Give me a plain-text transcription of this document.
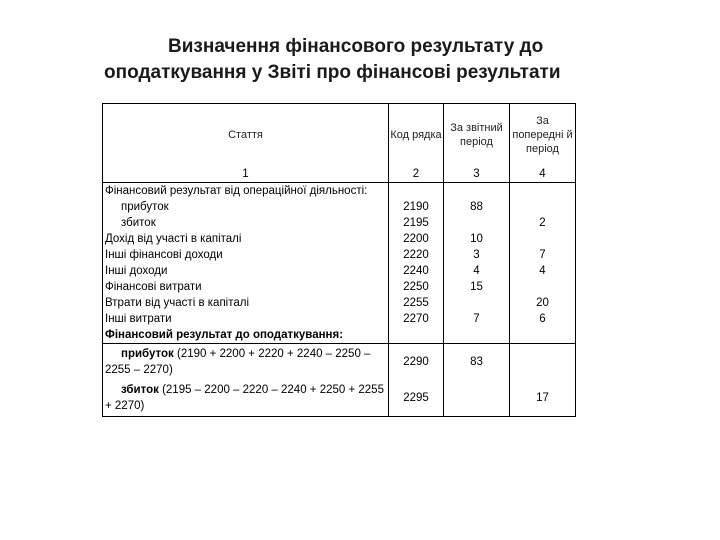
Визначення фінансового результату до
оподаткування у Звіті про фінансові результати
Стаття	Код рядка	За звітний період	За попередні й період
1	2	3	4
Фінансовий результат від операційної діяльності:			
прибуток	2190	88	
збиток	2195		2
Дохід від участі в капіталі	2200	10	
Інші фінансові доходи	2220	3	7
Інші доходи	2240	4	4
Фінансові витрати	2250	15	
Втрати від участі в капіталі	2255		20
Інші витрати	2270	7	6
Фінансовий результат до оподаткування:			
прибуток (2190 + 2200 + 2220 + 2240 – 2250 – 2255 – 2270)	2290	83	
збиток (2195 – 2200 – 2220 – 2240 + 2250 + 2255 + 2270)	2295		17
